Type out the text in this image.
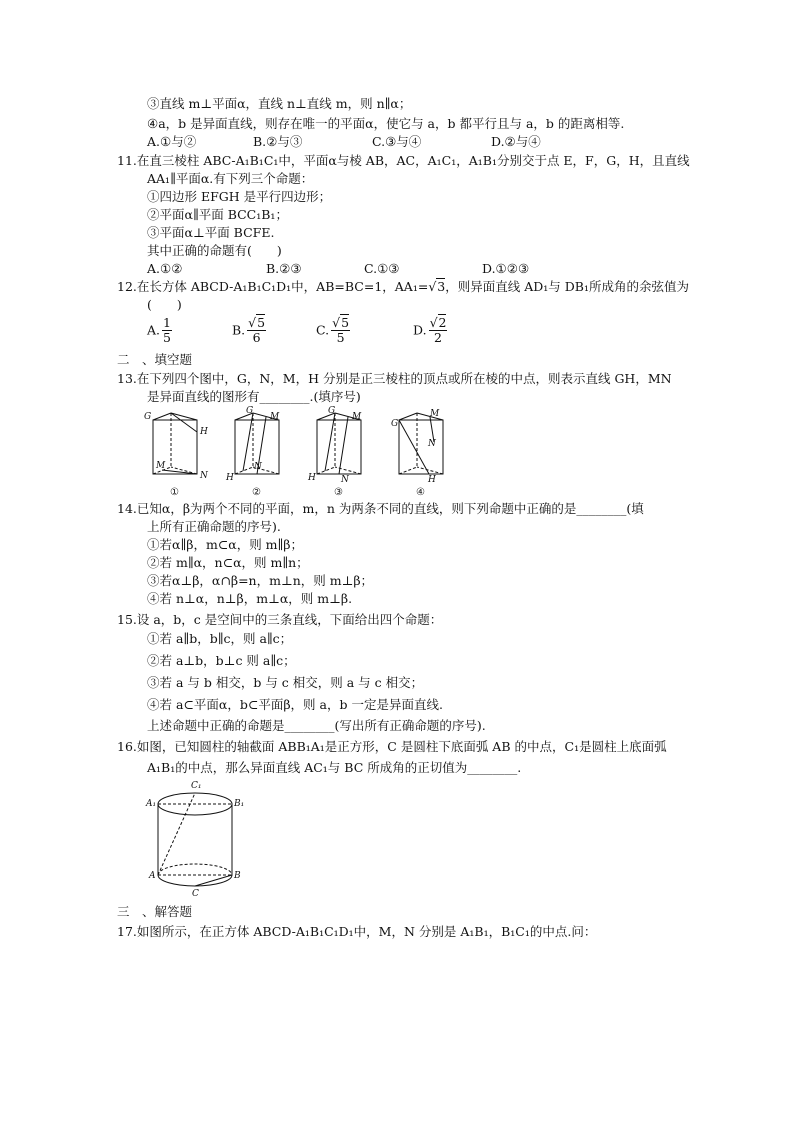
③直线 m⊥平面α，直线 n⊥直线 m，则 n∥α；
④a，b 是异面直线，则存在唯一的平面α，使它与 a，b 都平行且与 a，b 的距离相等.
A.①与②	B.②与③	C.③与④	D.②与④
11.在直三棱柱 ABC-A₁B₁C₁中，平面α与棱 AB，AC，A₁C₁，A₁B₁分别交于点 E，F，G，H，且直线
AA₁∥平面α.有下列三个命题：
①四边形 EFGH 是平行四边形；
②平面α∥平面 BCC₁B₁；
③平面α⊥平面 BCFE.
其中正确的命题有(　　)
A.①②	B.②③	C.①③	D.①②③
12.在长方体 ABCD-A₁B₁C₁D₁中，AB=BC=1，AA₁=√3，则异面直线 AD₁与 DB₁所成角的余弦值为
(　　)
A. $\frac{1}{5}$	B. $\frac{√5}{6}$	C. $\frac{√5}{5}$	D. $\frac{√2}{2}$
二　、填空题
13.在下列四个图中，G，N，M，H 分别是正三棱柱的顶点或所在棱的中点，则表示直线 GH，MN
是异面直线的图形有________.(填序号)
G
H
M
N
①
G
M
H
N
②
G
M
H	N
③
G
M
N
H
④
14.已知α，β为两个不同的平面，m，n 为两条不同的直线，则下列命题中正确的是________(填
上所有正确命题的序号).
①若α∥β，m⊂α，则 m∥β；
②若 m∥α，n⊂α，则 m∥n；
③若α⊥β，α∩β=n，m⊥n，则 m⊥β；
④若 n⊥α，n⊥β，m⊥α，则 m⊥β.
15.设 a，b，c 是空间中的三条直线，下面给出四个命题：
①若 a∥b，b∥c，则 a∥c；
②若 a⊥b，b⊥c 则 a∥c；
③若 a 与 b 相交，b 与 c 相交，则 a 与 c 相交；
④若 a⊂平面α，b⊂平面β，则 a，b 一定是异面直线.
上述命题中正确的命题是________(写出所有正确命题的序号).
16.如图，已知圆柱的轴截面 ABB₁A₁是正方形，C 是圆柱下底面弧 AB 的中点，C₁是圆柱上底面弧
A₁B₁的中点，那么异面直线 AC₁与 BC 所成角的正切值为________.
C₁
A₁	B₁
A	B
C
三　、解答题
17.如图所示，在正方体 ABCD-A₁B₁C₁D₁中，M，N 分别是 A₁B₁，B₁C₁的中点.问：
